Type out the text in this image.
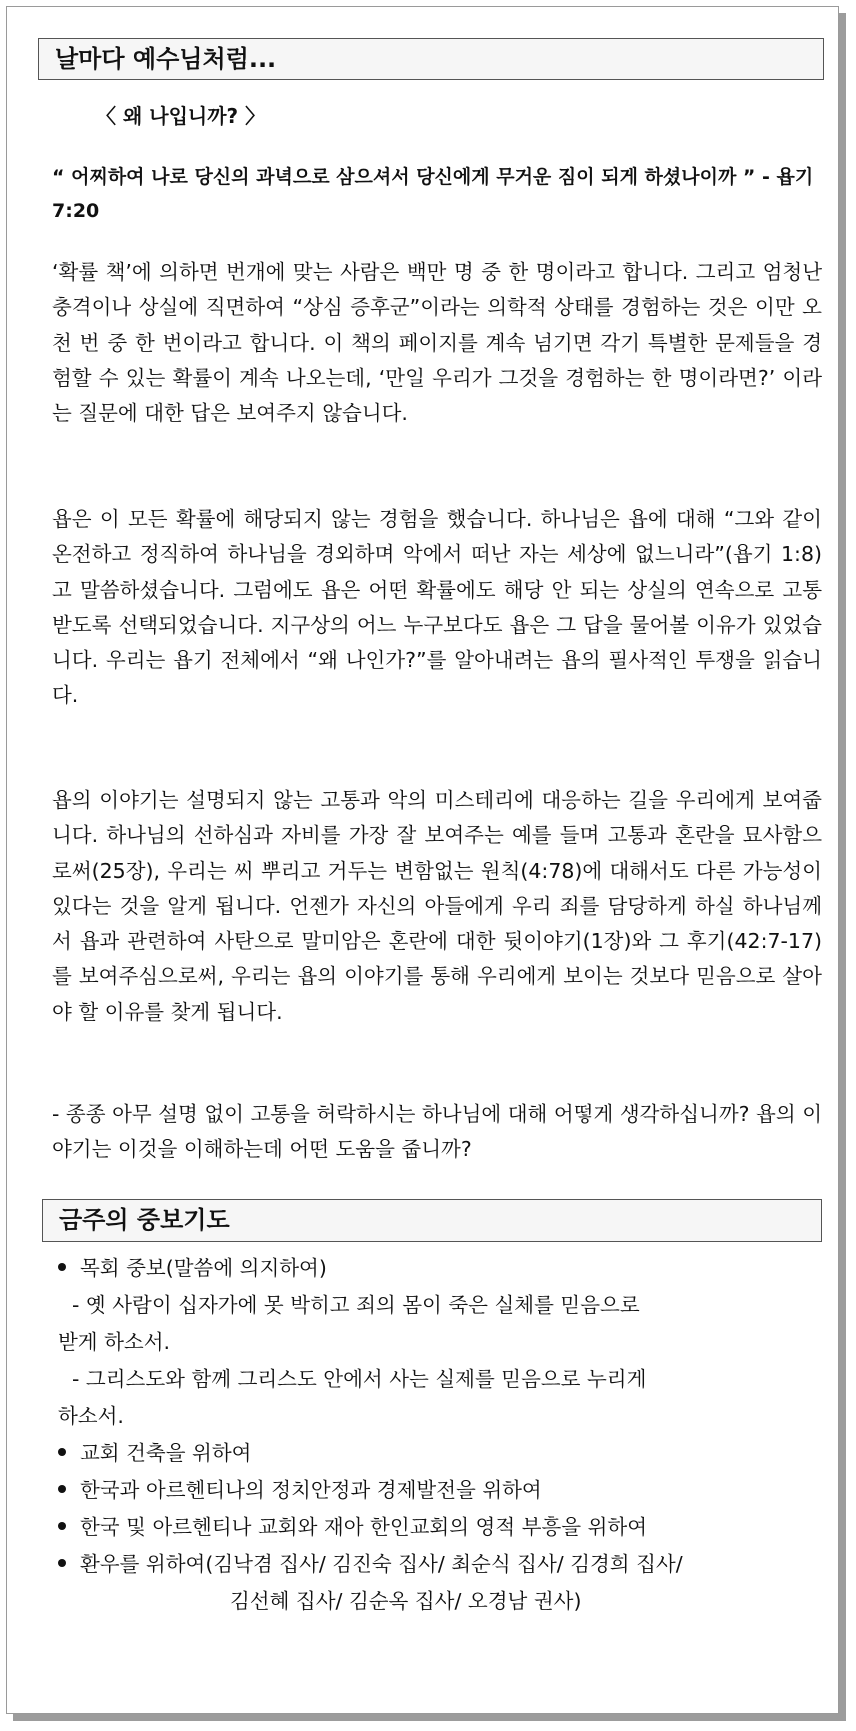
날마다 예수님처럼...
〈 왜 나입니까? 〉
“ 어찌하여 나로 당신의 과녁으로 삼으셔서 당신에게 무거운 짐이 되게 하셨나이까 ” - 욥기 7:20
‘확률 책’에 의하면 번개에 맞는 사람은 백만 명 중 한 명이라고 합니다. 그리고 엄청난 충격이나 상실에 직면하여 “상심 증후군”이라는 의학적 상태를 경험하는 것은 이만 오천 번 중 한 번이라고 합니다. 이 책의 페이지를 계속 넘기면 각기 특별한 문제들을 경험할 수 있는 확률이 계속 나오는데, ‘만일 우리가 그것을 경험하는 한 명이라면?’ 이라는 질문에 대한 답은 보여주지 않습니다.
욥은 이 모든 확률에 해당되지 않는 경험을 했습니다. 하나님은 욥에 대해 “그와 같이 온전하고 정직하여 하나님을 경외하며 악에서 떠난 자는 세상에 없느니라”(욥기 1:8)고 말씀하셨습니다. 그럼에도 욥은 어떤 확률에도 해당 안 되는 상실의 연속으로 고통받도록 선택되었습니다. 지구상의 어느 누구보다도 욥은 그 답을 물어볼 이유가 있었습니다. 우리는 욥기 전체에서 “왜 나인가?”를 알아내려는 욥의 필사적인 투쟁을 읽습니다.
욥의 이야기는 설명되지 않는 고통과 악의 미스테리에 대응하는 길을 우리에게 보여줍니다. 하나님의 선하심과 자비를 가장 잘 보여주는 예를 들며 고통과 혼란을 묘사함으로써(25장), 우리는 씨 뿌리고 거두는 변함없는 원칙(4:78)에 대해서도 다른 가능성이 있다는 것을 알게 됩니다. 언젠가 자신의 아들에게 우리 죄를 담당하게 하실 하나님께서 욥과 관련하여 사탄으로 말미암은 혼란에 대한 뒷이야기(1장)와 그 후기(42:7-17)를 보여주심으로써, 우리는 욥의 이야기를 통해 우리에게 보이는 것보다 믿음으로 살아야 할 이유를 찾게 됩니다.
- 종종 아무 설명 없이 고통을 허락하시는 하나님에 대해 어떻게 생각하십니까? 욥의 이야기는 이것을 이해하는데 어떤 도움을 줍니까?
금주의 중보기도
목회 중보(말씀에 의지하여)
- 옛 사람이 십자가에 못 박히고 죄의 몸이 죽은 실체를 믿음으로
받게 하소서.
- 그리스도와 함께 그리스도 안에서 사는 실제를 믿음으로 누리게
하소서.
교회 건축을 위하여
한국과 아르헨티나의 정치안정과 경제발전을 위하여
한국 및 아르헨티나 교회와 재아 한인교회의 영적 부흥을 위하여
환우를 위하여(김낙겸 집사/ 김진숙 집사/ 최순식 집사/ 김경희 집사/
김선혜 집사/ 김순옥 집사/ 오경남 권사)
